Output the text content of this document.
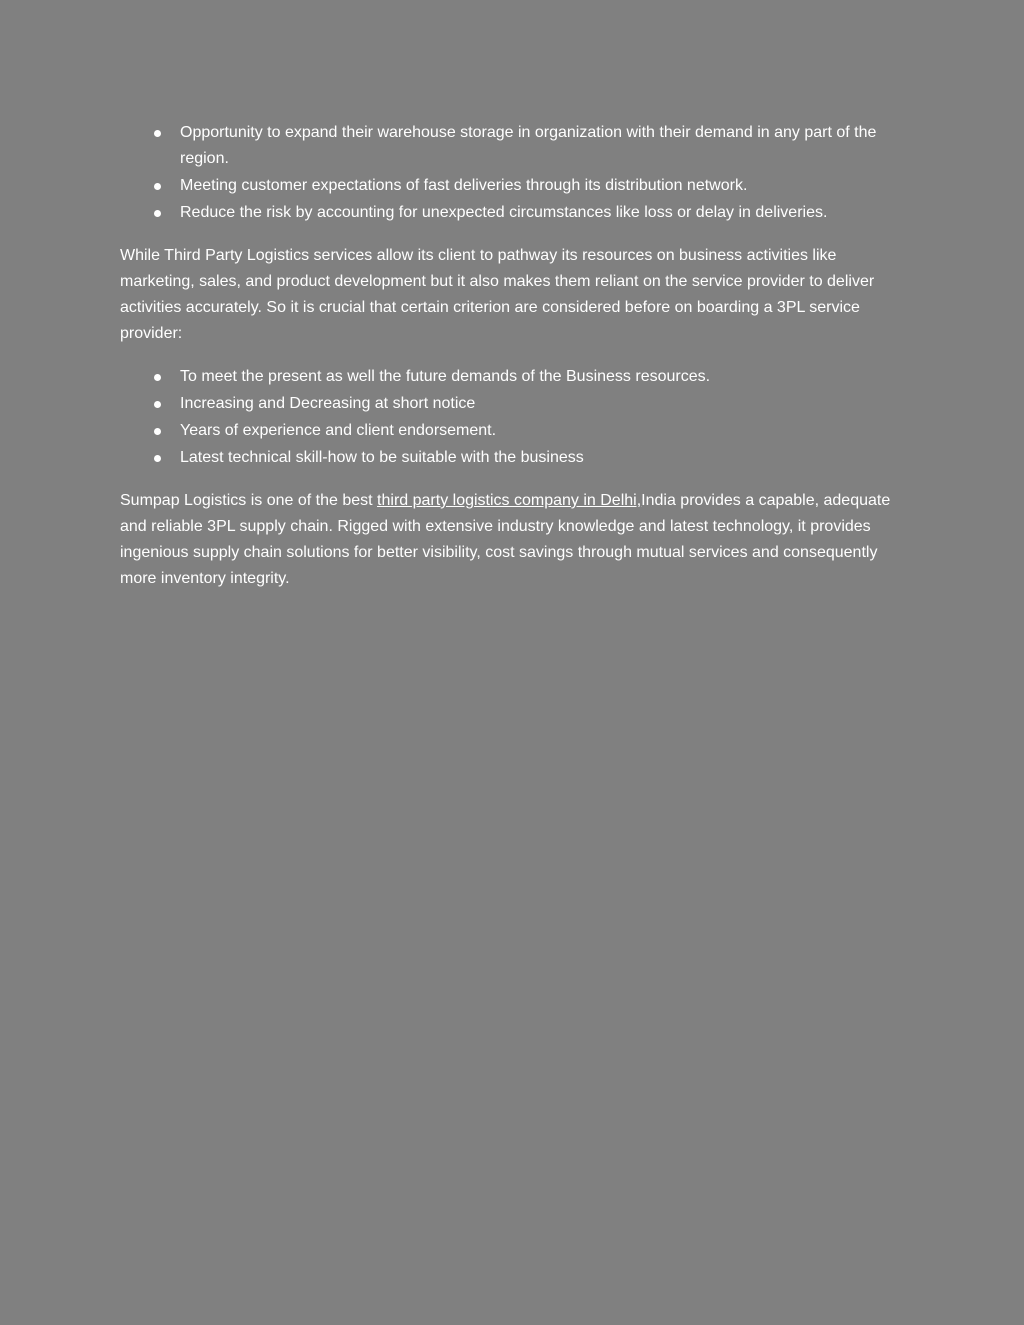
Opportunity to expand their warehouse storage in organization with their demand in any part of the region.
Meeting customer expectations of fast deliveries through its distribution network.
Reduce the risk by accounting for unexpected circumstances like loss or delay in deliveries.

While Third Party Logistics services allow its client to pathway its resources on business activities like marketing, sales, and product development but it also makes them reliant on the service provider to deliver activities accurately. So it is crucial that certain criterion are considered before on boarding a 3PL service provider:

To meet the present as well the future demands of the Business resources.
Increasing and Decreasing at short notice
Years of experience and client endorsement.
Latest technical skill-how to be suitable with the business

Sumpap Logistics is one of the best third party logistics company in Delhi,India provides a capable, adequate and reliable 3PL supply chain. Rigged with extensive industry knowledge and latest technology, it provides ingenious supply chain solutions for better visibility, cost savings through mutual services and consequently more inventory integrity.
